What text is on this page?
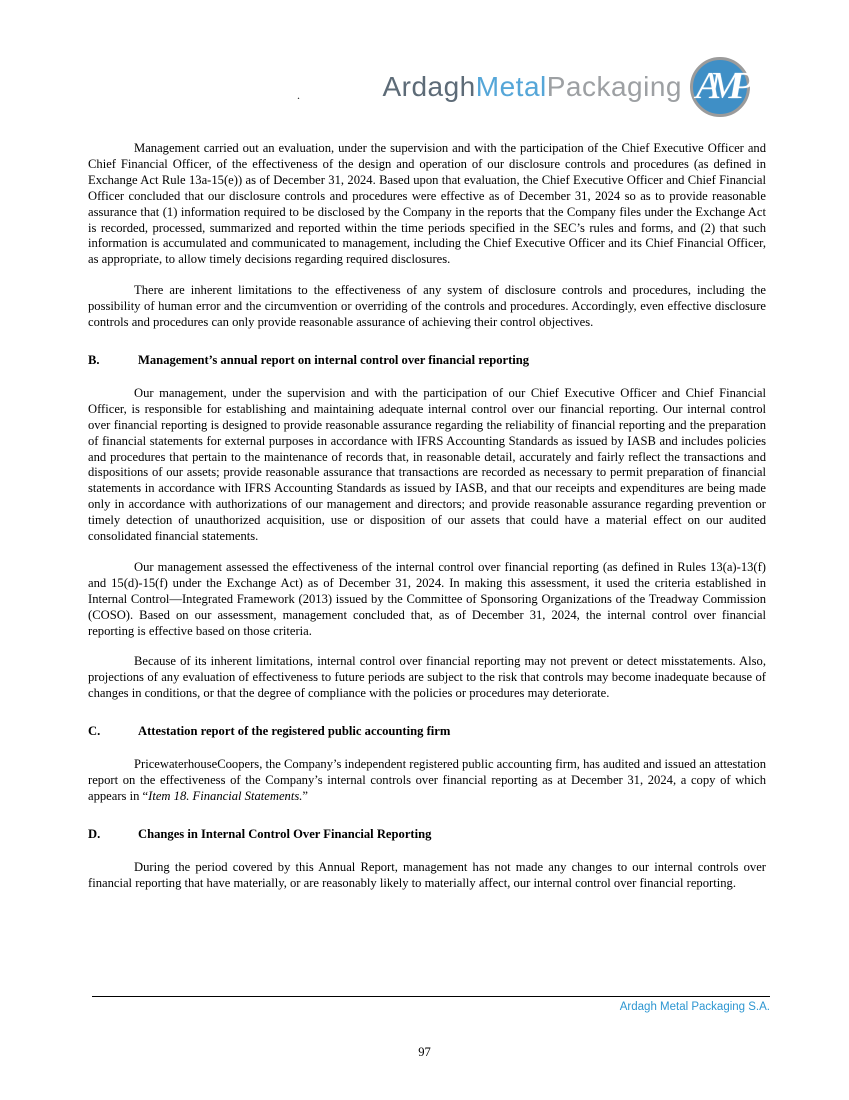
.	ArdaghMetalPackaging AMP

Management carried out an evaluation, under the supervision and with the participation of the Chief Executive Officer and Chief Financial Officer, of the effectiveness of the design and operation of our disclosure controls and procedures (as defined in Exchange Act Rule 13a-15(e)) as of December 31, 2024. Based upon that evaluation, the Chief Executive Officer and Chief Financial Officer concluded that our disclosure controls and procedures were effective as of December 31, 2024 so as to provide reasonable assurance that (1) information required to be disclosed by the Company in the reports that the Company files under the Exchange Act is recorded, processed, summarized and reported within the time periods specified in the SEC’s rules and forms, and (2) that such information is accumulated and communicated to management, including the Chief Executive Officer and its Chief Financial Officer, as appropriate, to allow timely decisions regarding required disclosures.

There are inherent limitations to the effectiveness of any system of disclosure controls and procedures, including the possibility of human error and the circumvention or overriding of the controls and procedures. Accordingly, even effective disclosure controls and procedures can only provide reasonable assurance of achieving their control objectives.

B.	Management’s annual report on internal control over financial reporting

Our management, under the supervision and with the participation of our Chief Executive Officer and Chief Financial Officer, is responsible for establishing and maintaining adequate internal control over our financial reporting. Our internal control over financial reporting is designed to provide reasonable assurance regarding the reliability of financial reporting and the preparation of financial statements for external purposes in accordance with IFRS Accounting Standards as issued by IASB and includes policies and procedures that pertain to the maintenance of records that, in reasonable detail, accurately and fairly reflect the transactions and dispositions of our assets; provide reasonable assurance that transactions are recorded as necessary to permit preparation of financial statements in accordance with IFRS Accounting Standards as issued by IASB, and that our receipts and expenditures are being made only in accordance with authorizations of our management and directors; and provide reasonable assurance regarding prevention or timely detection of unauthorized acquisition, use or disposition of our assets that could have a material effect on our audited consolidated financial statements.

Our management assessed the effectiveness of the internal control over financial reporting (as defined in Rules 13(a)-13(f) and 15(d)-15(f) under the Exchange Act) as of December 31, 2024. In making this assessment, it used the criteria established in Internal Control—Integrated Framework (2013) issued by the Committee of Sponsoring Organizations of the Treadway Commission (COSO). Based on our assessment, management concluded that, as of December 31, 2024, the internal control over financial reporting is effective based on those criteria.

Because of its inherent limitations, internal control over financial reporting may not prevent or detect misstatements. Also, projections of any evaluation of effectiveness to future periods are subject to the risk that controls may become inadequate because of changes in conditions, or that the degree of compliance with the policies or procedures may deteriorate.

C.	Attestation report of the registered public accounting firm

PricewaterhouseCoopers, the Company’s independent registered public accounting firm, has audited and issued an attestation report on the effectiveness of the Company’s internal controls over financial reporting as at December 31, 2024, a copy of which appears in “Item 18. Financial Statements.”

D.	Changes in Internal Control Over Financial Reporting

During the period covered by this Annual Report, management has not made any changes to our internal controls over financial reporting that have materially, or are reasonably likely to materially affect, our internal control over financial reporting.

Ardagh Metal Packaging S.A.
97
